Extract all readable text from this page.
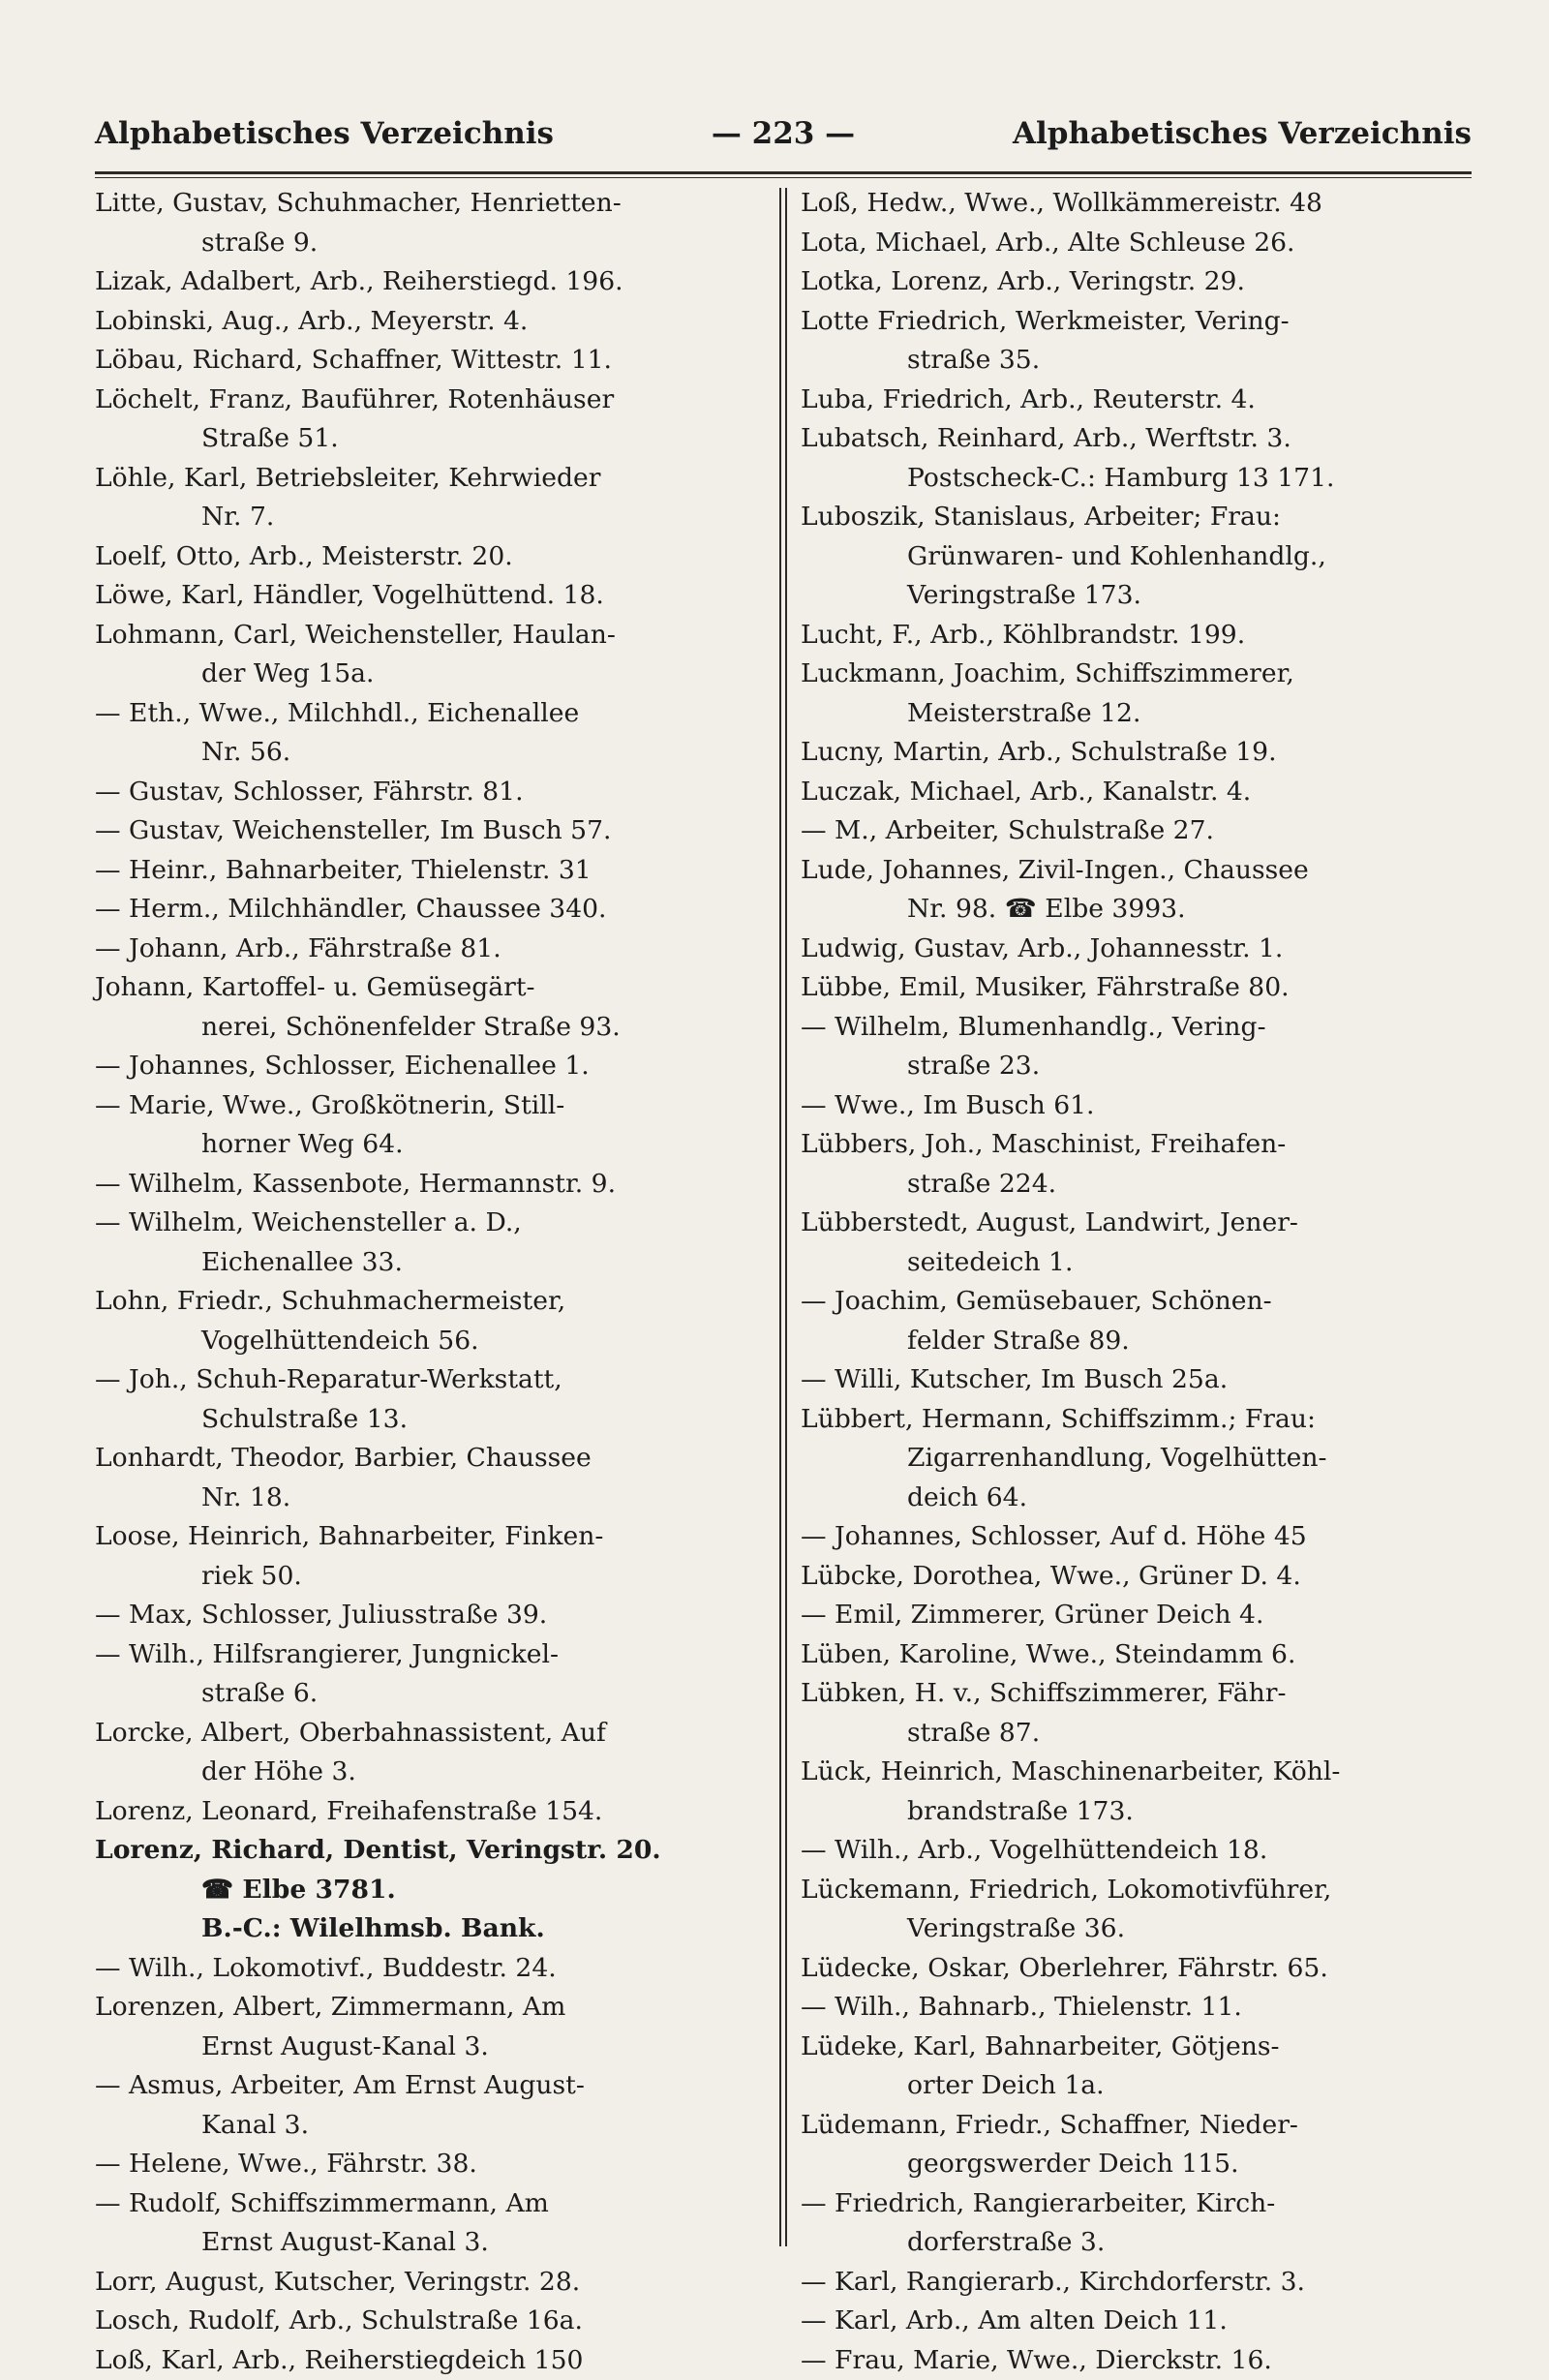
Alphabetisches Verzeichnis	— 223 —	Alphabetisches Verzeichnis
Litte, Gustav, Schuhmacher, Henrietten-
straße 9.
Lizak, Adalbert, Arb., Reiherstiegd. 196.
Lobinski, Aug., Arb., Meyerstr. 4.
Löbau, Richard, Schaffner, Wittestr. 11.
Löchelt, Franz, Bauführer, Rotenhäuser
Straße 51.
Löhle, Karl, Betriebsleiter, Kehrwieder
Nr. 7.
Loelf, Otto, Arb., Meisterstr. 20.
Löwe, Karl, Händler, Vogelhüttend. 18.
Lohmann, Carl, Weichensteller, Haulan-
der Weg 15a.
— Eth., Wwe., Milchhdl., Eichenallee
Nr. 56.
— Gustav, Schlosser, Fährstr. 81.
— Gustav, Weichensteller, Im Busch 57.
— Heinr., Bahnarbeiter, Thielenstr. 31
— Herm., Milchhändler, Chaussee 340.
— Johann, Arb., Fährstraße 81.
Johann, Kartoffel- u. Gemüsegärt-
nerei, Schönenfelder Straße 93.
— Johannes, Schlosser, Eichenallee 1.
— Marie, Wwe., Großkötnerin, Still-
horner Weg 64.
— Wilhelm, Kassenbote, Hermannstr. 9.
— Wilhelm, Weichensteller a. D.,
Eichenallee 33.
Lohn, Friedr., Schuhmachermeister,
Vogelhüttendeich 56.
— Joh., Schuh-Reparatur-Werkstatt,
Schulstraße 13.
Lonhardt, Theodor, Barbier, Chaussee
Nr. 18.
Loose, Heinrich, Bahnarbeiter, Finken-
riek 50.
— Max, Schlosser, Juliusstraße 39.
— Wilh., Hilfsrangierer, Jungnickel-
straße 6.
Lorcke, Albert, Oberbahnassistent, Auf
der Höhe 3.
Lorenz, Leonard, Freihafenstraße 154.
Lorenz, Richard, Dentist, Veringstr. 20.
☎ Elbe 3781.
B.-C.: Wilelhmsb. Bank.
— Wilh., Lokomotivf., Buddestr. 24.
Lorenzen, Albert, Zimmermann, Am
Ernst August-Kanal 3.
— Asmus, Arbeiter, Am Ernst August-
Kanal 3.
— Helene, Wwe., Fährstr. 38.
— Rudolf, Schiffszimmermann, Am
Ernst August-Kanal 3.
Lorr, August, Kutscher, Veringstr. 28.
Losch, Rudolf, Arb., Schulstraße 16a.
Loß, Karl, Arb., Reiherstiegdeich 150
Loß, Hedw., Wwe., Wollkämmereistr. 48
Lota, Michael, Arb., Alte Schleuse 26.
Lotka, Lorenz, Arb., Veringstr. 29.
Lotte Friedrich, Werkmeister, Vering-
straße 35.
Luba, Friedrich, Arb., Reuterstr. 4.
Lubatsch, Reinhard, Arb., Werftstr. 3.
Postscheck-C.: Hamburg 13 171.
Luboszik, Stanislaus, Arbeiter; Frau:
Grünwaren- und Kohlenhandlg.,
Veringstraße 173.
Lucht, F., Arb., Köhlbrandstr. 199.
Luckmann, Joachim, Schiffszimmerer,
Meisterstraße 12.
Lucny, Martin, Arb., Schulstraße 19.
Luczak, Michael, Arb., Kanalstr. 4.
— M., Arbeiter, Schulstraße 27.
Lude, Johannes, Zivil-Ingen., Chaussee
Nr. 98. ☎ Elbe 3993.
Ludwig, Gustav, Arb., Johannesstr. 1.
Lübbe, Emil, Musiker, Fährstraße 80.
— Wilhelm, Blumenhandlg., Vering-
straße 23.
— Wwe., Im Busch 61.
Lübbers, Joh., Maschinist, Freihafen-
straße 224.
Lübberstedt, August, Landwirt, Jener-
seitedeich 1.
— Joachim, Gemüsebauer, Schönen-
felder Straße 89.
— Willi, Kutscher, Im Busch 25a.
Lübbert, Hermann, Schiffszimm.; Frau:
Zigarrenhandlung, Vogelhütten-
deich 64.
— Johannes, Schlosser, Auf d. Höhe 45
Lübcke, Dorothea, Wwe., Grüner D. 4.
— Emil, Zimmerer, Grüner Deich 4.
Lüben, Karoline, Wwe., Steindamm 6.
Lübken, H. v., Schiffszimmerer, Fähr-
straße 87.
Lück, Heinrich, Maschinenarbeiter, Köhl-
brandstraße 173.
— Wilh., Arb., Vogelhüttendeich 18.
Lückemann, Friedrich, Lokomotivführer,
Veringstraße 36.
Lüdecke, Oskar, Oberlehrer, Fährstr. 65.
— Wilh., Bahnarb., Thielenstr. 11.
Lüdeke, Karl, Bahnarbeiter, Götjens-
orter Deich 1a.
Lüdemann, Friedr., Schaffner, Nieder-
georgswerder Deich 115.
— Friedrich, Rangierarbeiter, Kirch-
dorferstraße 3.
— Karl, Rangierarb., Kirchdorferstr. 3.
— Karl, Arb., Am alten Deich 11.
— Frau, Marie, Wwe., Dierckstr. 16.
